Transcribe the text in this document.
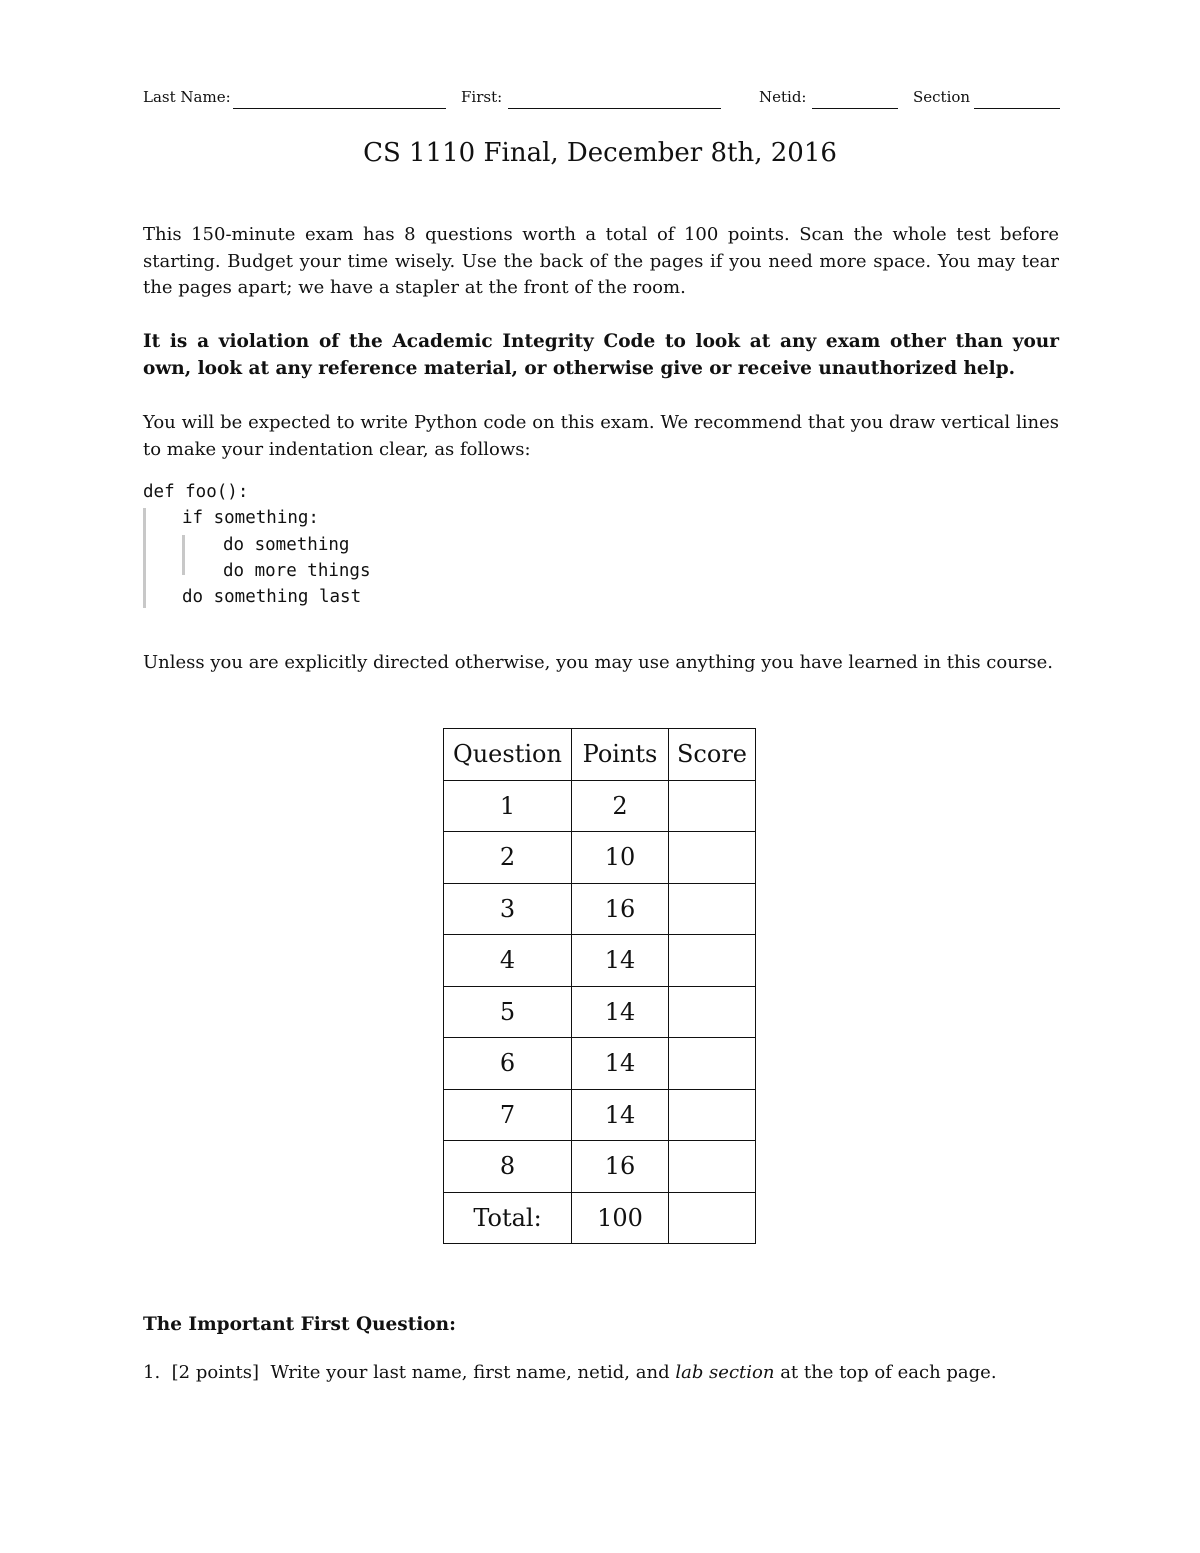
Last Name:	First:	Netid:	Section
CS 1110 Final, December 8th, 2016
This 150-minute exam has 8 questions worth a total of 100 points. Scan the whole test before starting. Budget your time wisely. Use the back of the pages if you need more space. You may tear the pages apart; we have a stapler at the front of the room.
It is a violation of the Academic Integrity Code to look at any exam other than your own, look at any reference material, or otherwise give or receive unauthorized help.
You will be expected to write Python code on this exam. We recommend that you draw vertical lines to make your indentation clear, as follows:
def foo():
if something:
do something
do more things
do something last
Unless you are explicitly directed otherwise, you may use anything you have learned in this course.
Question	Points	Score
1	2	
2	10	
3	16	
4	14	
5	14	
6	14	
7	14	
8	16	
Total:	100	
The Important First Question:
1. [2 points] Write your last name, first name, netid, and lab section at the top of each page.
